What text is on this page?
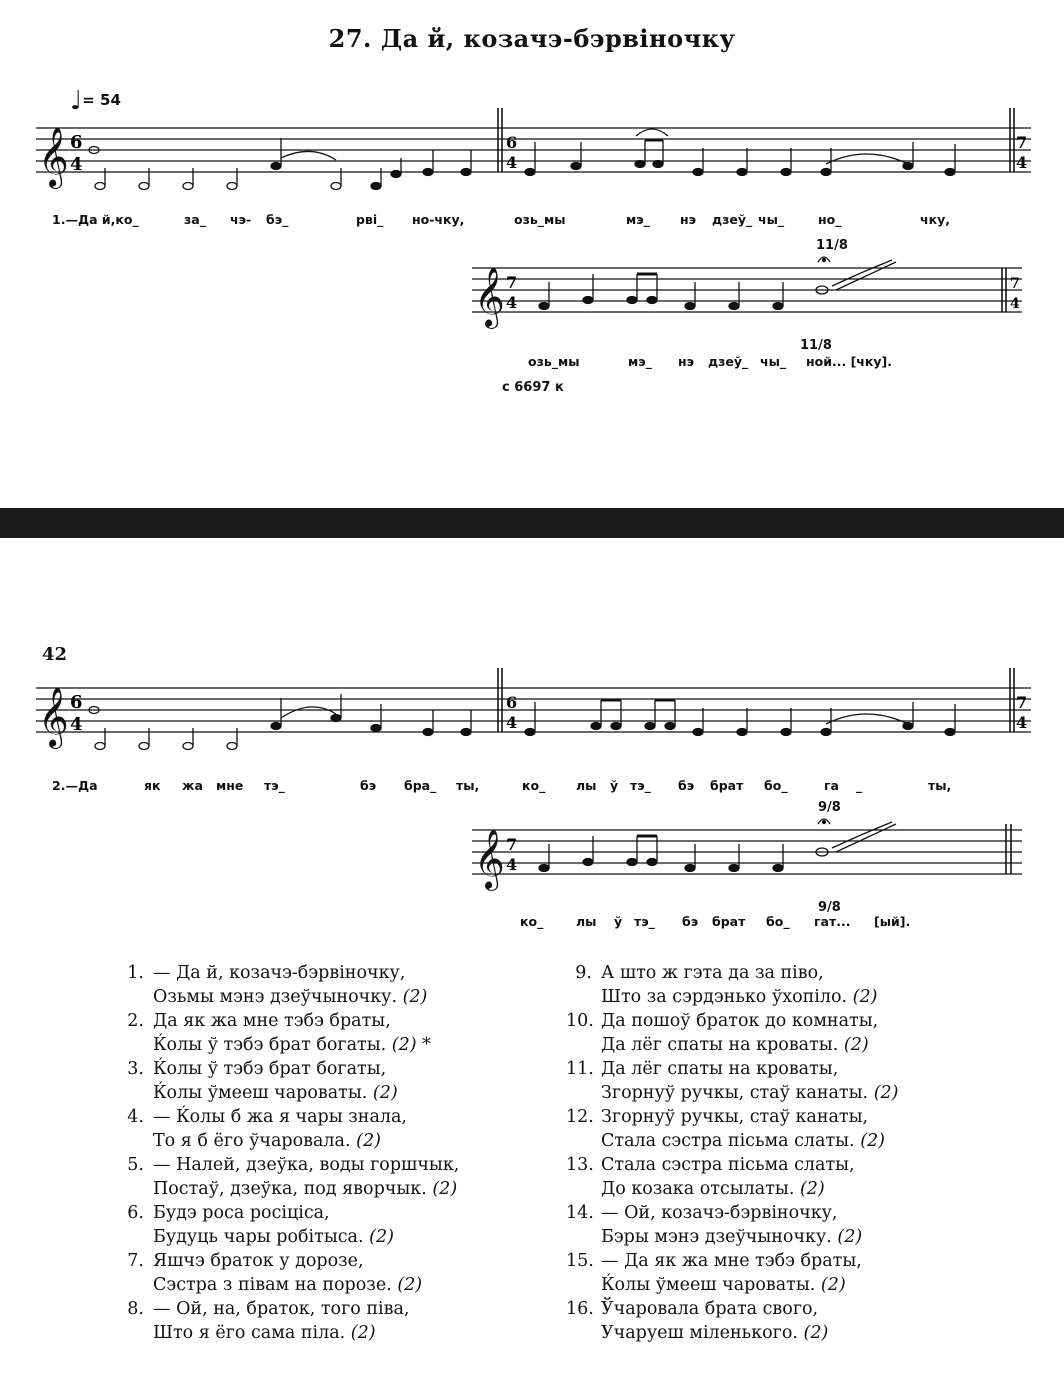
27. Да й, козачэ-бэрвіночку
♩= 54
𝄞 6
4
6
4
7
4
1.—Да й,ко_	за_ чэ- бэ_	рві_ но-чку,	озь_мы	мэ_ нэ дзеў_ чы_	но_	чку,
11/8
𝄞 7
4
7
4
11/8
озь_мы	мэ_ нэ дзеў_ чы_ ной... [чку].
с 6697 к
42
𝄞 6
4
6
4
7
4
2.—Да	як жа мне тэ_	бэ бра_ ты,	ко_ лы ў тэ_ бэ брат бо_	га _	ты,
9/8
𝄞 7
4
9/8
ко_	лы ў тэ_ бэ брат бо_ гат... [ый].
1. — Да й, козачэ-бэрвіночку,
Озьмы мэнэ дзеўчыночку. (2)
2. Да як жа мне тэбэ браты,
Ќолы ў тэбэ брат богаты. (2) *
3. Ќолы ў тэбэ брат богаты,
Ќолы ўмееш чароваты. (2)
4. — Ќолы б жа я чары знала,
То я б ёго ўчаровала. (2)
5. — Налей, дзеўка, воды горшчык,
Постаў, дзеўка, под яворчык. (2)
6. Будэ роса росіціса,
Будуць чары робітыса. (2)
7. Яшчэ браток у дорозе,
Сэстра з півам на порозе. (2)
8. — Ой, на, браток, того піва,
Што я ёго сама піла. (2)
9. А што ж гэта да за піво,
Што за сэрдэнько ўхопіло. (2)
10. Да пошоў браток до комнаты,
Да лёг спаты на кроваты. (2)
11. Да лёг спаты на кроваты,
Згорнуў ручкы, стаў канаты. (2)
12. Згорнуў ручкы, стаў канаты,
Стала сэстра пісьма слаты. (2)
13. Стала сэстра пісьма слаты,
До козака отсылаты. (2)
14. — Ой, козачэ-бэрвіночку,
Бэры мэнэ дзеўчыночку. (2)
15. — Да як жа мне тэбэ браты,
Ќолы ўмееш чароваты. (2)
16. Ўчаровала брата свого,
Учаруеш міленького. (2)
